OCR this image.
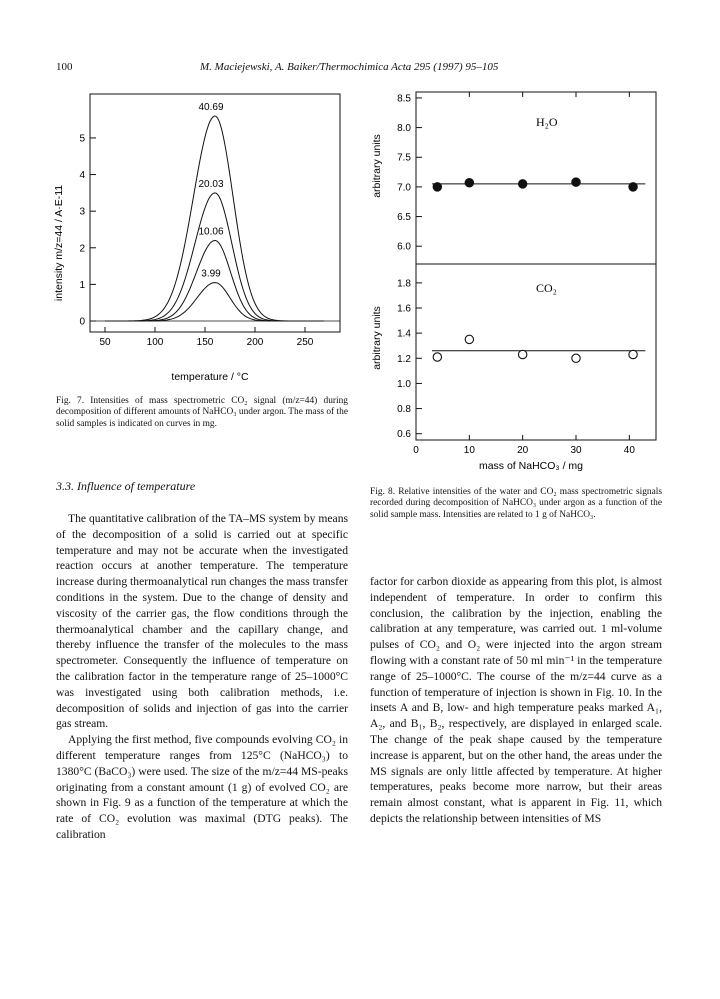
100	M. Maciejewski, A. Baiker/Thermochimica Acta 295 (1997) 95–105
50	100	150	200	250
0
1
2
3
4
5
3.99
10.06
20.03
40.69
temperature / °C
intensity m/z=44 / A·E-11

Fig. 7. Intensities of mass spectrometric CO₂ signal (m/z=44) during decomposition of different amounts of NaHCO₃ under argon. The mass of the solid samples is indicated on curves in mg.

6.0
6.5
7.0
7.5
8.0
8.5
0.6
0.8
1.0
1.2
1.4
1.6
1.8
0	10	20	30	40
H₂O
CO₂
arbitrary units
arbitrary units
mass of NaHCO₃ / mg

Fig. 8. Relative intensities of the water and CO₂ mass spectrometric signals recorded during decomposition of NaHCO₃ under argon as a function of the solid sample mass. Intensities are related to 1 g of NaHCO₃.

3.3. Influence of temperature

The quantitative calibration of the TA–MS system by means of the decomposition of a solid is carried out at specific temperature and may not be accurate when the investigated reaction occurs at another temperature. The temperature increase during thermoanalytical run changes the mass transfer conditions in the system. Due to the change of density and viscosity of the carrier gas, the flow conditions through the thermoanalytical chamber and the capillary change, and thereby influence the transfer of the molecules to the mass spectrometer. Consequently the influence of temperature on the calibration factor in the temperature range of 25–1000°C was investigated using both calibration methods, i.e. decomposition of solids and injection of gas into the carrier gas stream.

Applying the first method, five compounds evolving CO₂ in different temperature ranges from 125°C (NaHCO₃) to 1380°C (BaCO₃) were used. The size of the m/z=44 MS-peaks originating from a constant amount (1 g) of evolved CO₂ are shown in Fig. 9 as a function of the temperature at which the rate of CO₂ evolution was maximal (DTG peaks). The calibration

factor for carbon dioxide as appearing from this plot, is almost independent of temperature. In order to confirm this conclusion, the calibration by the injection, enabling the calibration at any temperature, was carried out. 1 ml-volume pulses of CO₂ and O₂ were injected into the argon stream flowing with a constant rate of 50 ml min⁻¹ in the temperature range of 25–1000°C. The course of the m/z=44 curve as a function of temperature of injection is shown in Fig. 10. In the insets A and B, low- and high temperature peaks marked A₁, A₂, and B₁, B₂, respectively, are displayed in enlarged scale. The change of the peak shape caused by the temperature increase is apparent, but on the other hand, the areas under the MS signals are only little affected by temperature. At higher temperatures, peaks become more narrow, but their areas remain almost constant, what is apparent in Fig. 11, which depicts the relationship between intensities of MS
